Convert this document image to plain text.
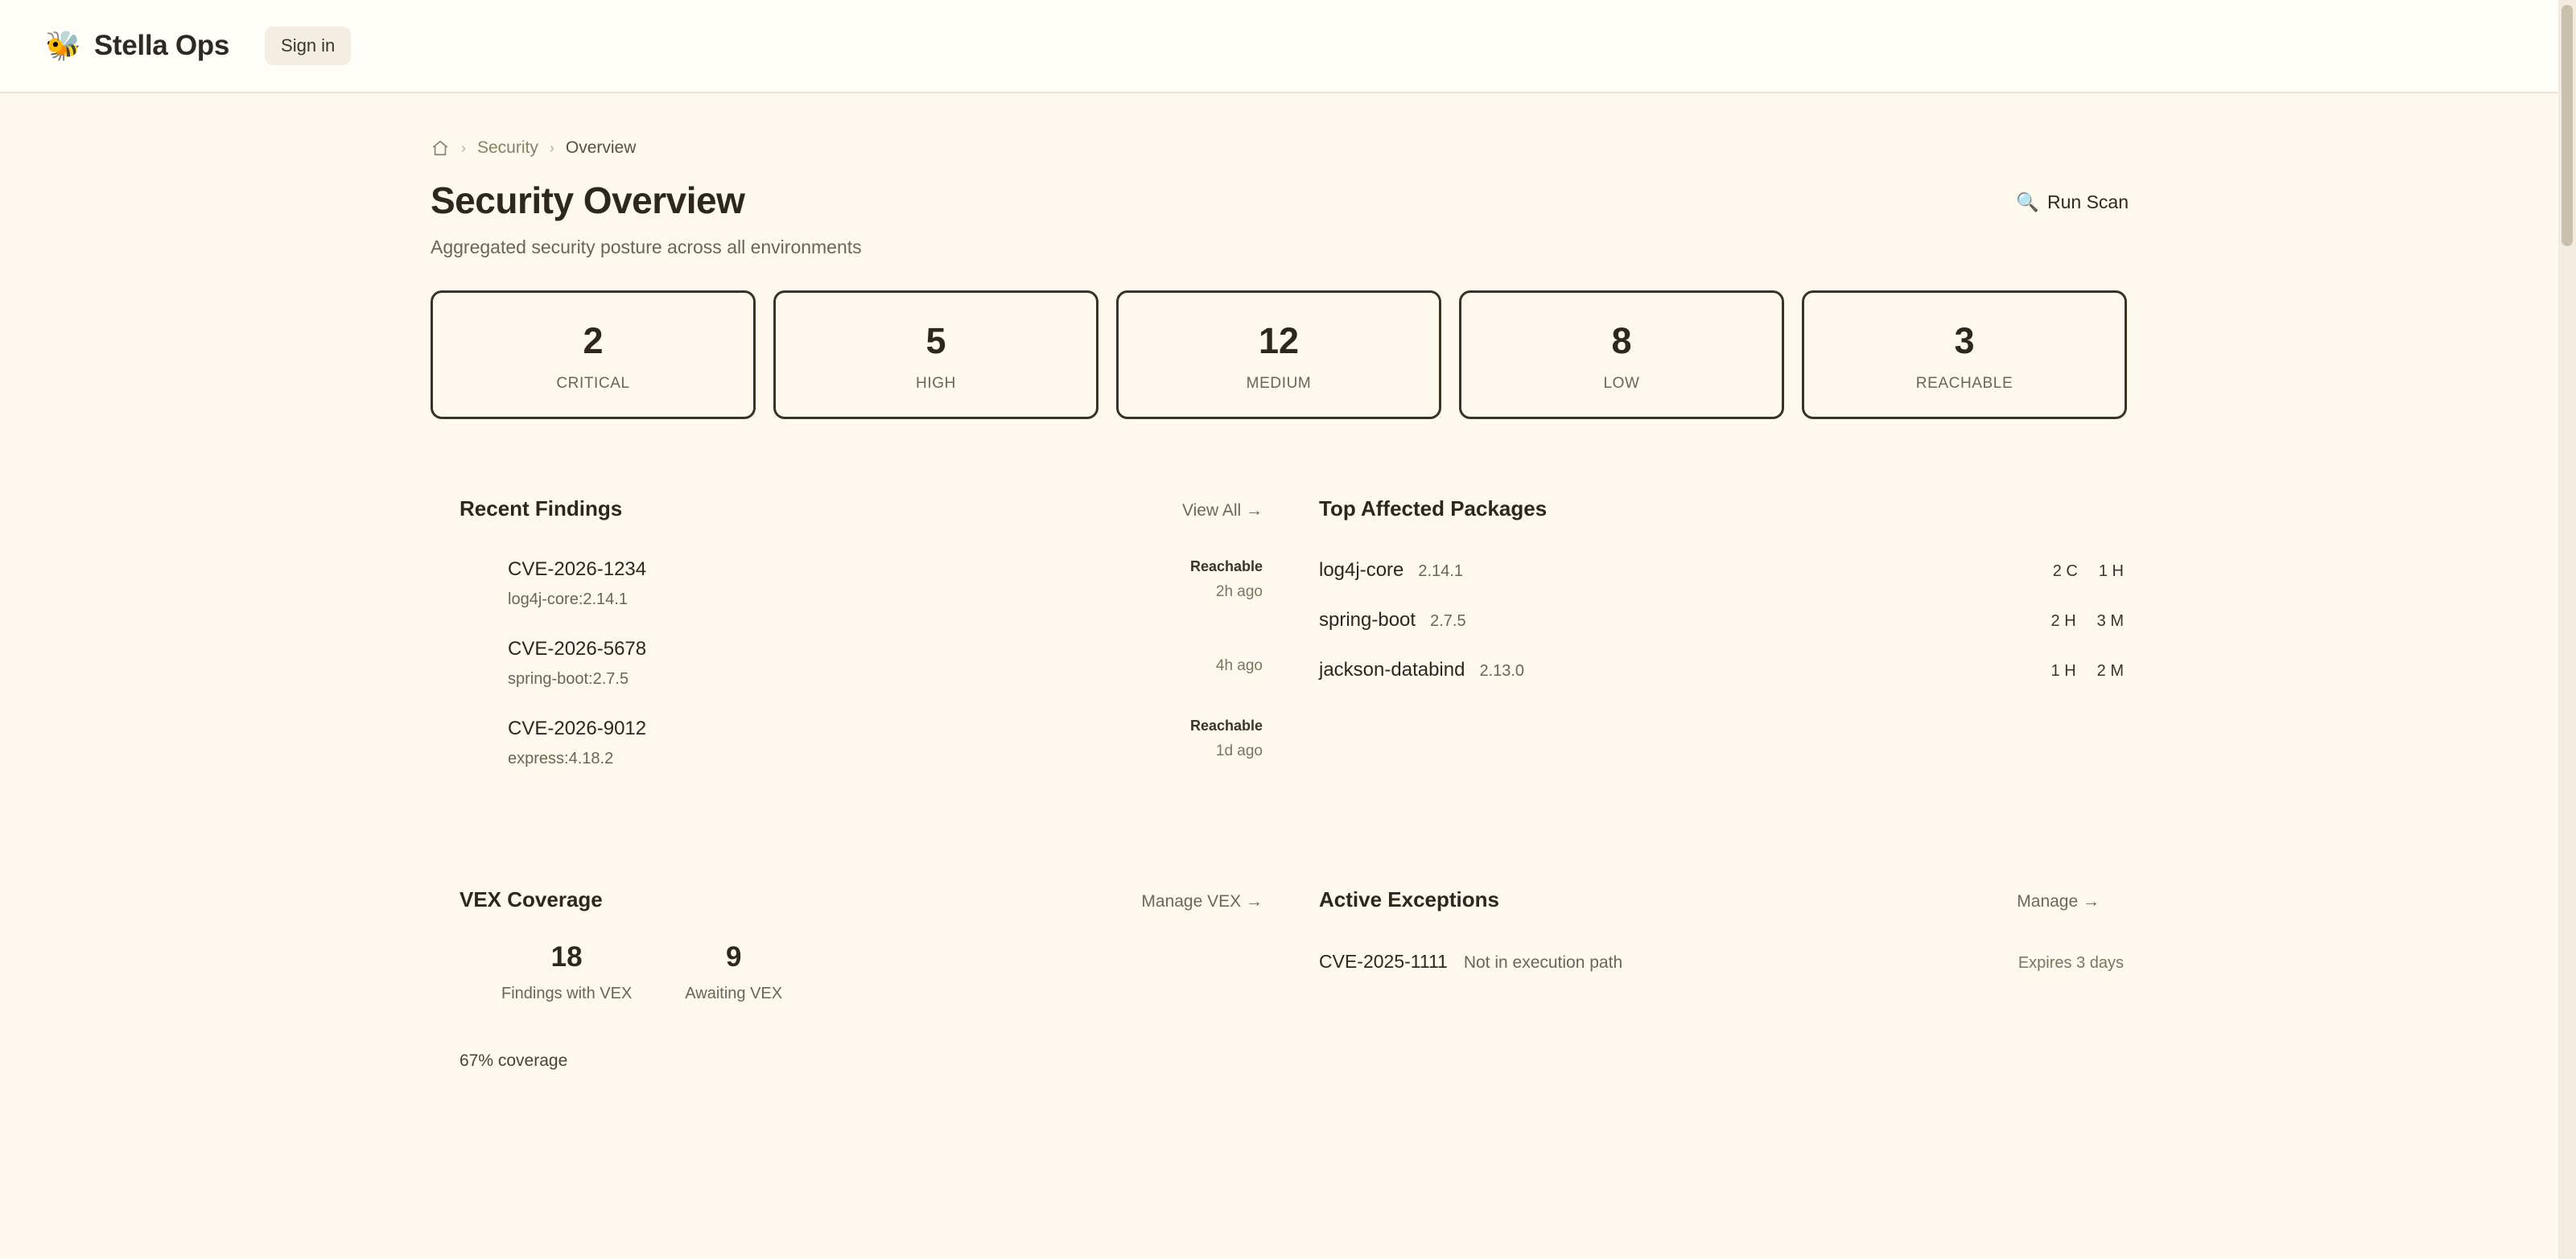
🐝 Stella Ops	Sign in
› Security › Overview
Security Overview
Aggregated security posture across all environments
🔍 Run Scan
2
CRITICAL
5
HIGH
12
MEDIUM
8
LOW
3
REACHABLE
Recent Findings	View All →
CVE-2026-1234
log4j-core:2.14.1
Reachable
2h ago
CVE-2026-5678
spring-boot:2.7.5
4h ago
CVE-2026-9012
express:4.18.2
Reachable
1d ago
Top Affected Packages
log4j-core 2.14.1	2 C 1 H
spring-boot 2.7.5	2 H 3 M
jackson-databind 2.13.0	1 H 2 M
VEX Coverage	Manage VEX →
18
Findings with VEX
9
Awaiting VEX
67% coverage
Active Exceptions	Manage →
CVE-2025-1111 Not in execution path	Expires 3 days
